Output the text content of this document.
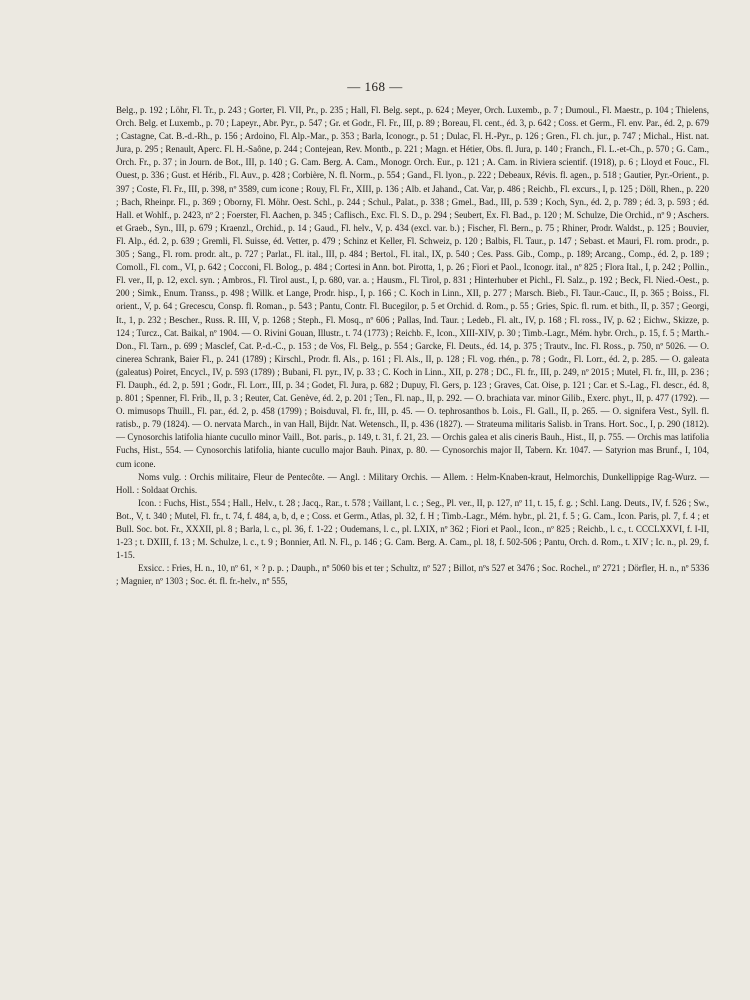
— 168 —

Belg., p. 192 ; Löhr, Fl. Tr., p. 243 ; Gorter, Fl. VII, Pr., p. 235 ; Hall, Fl. Belg. sept., p. 624 ; Meyer, Orch. Luxemb., p. 7 ; Dumoul., Fl. Maestr., p. 104 ; Thielens, Orch. Belg. et Luxemb., p. 70 ; Lapeyr., Abr. Pyr., p. 547 ; Gr. et Godr., Fl. Fr., III, p. 89 ; Boreau, Fl. cent., éd. 3, p. 642 ; Coss. et Germ., Fl. env. Par., éd. 2, p. 679 ; Castagne, Cat. B.-d.-Rh., p. 156 ; Ardoino, Fl. Alp.-Mar., p. 353 ; Barla, Iconogr., p. 51 ; Dulac, Fl. H.-Pyr., p. 126 ; Gren., Fl. ch. jur., p. 747 ; Michal., Hist. nat. Jura, p. 295 ; Renault, Aperc. Fl. H.-Saône, p. 244 ; Contejean, Rev. Montb., p. 221 ; Magn. et Hétier, Obs. fl. Jura, p. 140 ; Franch., Fl. L.-et-Ch., p. 570 ; G. Cam., Orch. Fr., p. 37 ; in Journ. de Bot., III, p. 140 ; G. Cam. Berg. A. Cam., Monogr. Orch. Eur., p. 121 ; A. Cam. in Riviera scientif. (1918), p. 6 ; Lloyd et Fouc., Fl. Ouest, p. 336 ; Gust. et Hérib., Fl. Auv., p. 428 ; Corbière, N. fl. Norm., p. 554 ; Gand., Fl. lyon., p. 222 ; Debeaux, Révis. fl. agen., p. 518 ; Gautier, Pyr.-Orient., p. 397 ; Coste, Fl. Fr., III, p. 398, nº 3589, cum icone ; Rouy, Fl. Fr., XIII, p. 136 ; Alb. et Jahand., Cat. Var, p. 486 ; Reichb., Fl. excurs., I, p. 125 ; Döll, Rhen., p. 220 ; Bach, Rheinpr. Fl., p. 369 ; Oborny, Fl. Möhr. Oest. Schl., p. 244 ; Schul., Palat., p. 338 ; Gmel., Bad., III, p. 539 ; Koch, Syn., éd. 2, p. 789 ; éd. 3, p. 593 ; éd. Hall. et Wohlf., p. 2423, nº 2 ; Foerster, Fl. Aachen, p. 345 ; Caflisch., Exc. Fl. S. D., p. 294 ; Seubert, Ex. Fl. Bad., p. 120 ; M. Schulze, Die Orchid., nº 9 ; Aschers. et Graeb., Syn., III, p. 679 ; Kraenzl., Orchid., p. 14 ; Gaud., Fl. helv., V, p. 434 (excl. var. b.) ; Fischer, Fl. Bern., p. 75 ; Rhiner, Prodr. Waldst., p. 125 ; Bouvier, Fl. Alp., éd. 2, p. 639 ; Gremli, Fl. Suisse, éd. Vetter, p. 479 ; Schinz et Keller, Fl. Schweiz, p. 120 ; Balbis, Fl. Taur., p. 147 ; Sebast. et Mauri, Fl. rom. prodr., p. 305 ; Sang., Fl. rom. prodr. alt., p. 727 ; Parlat., Fl. ital., III, p. 484 ; Bertol., Fl. ital., IX, p. 540 ; Ces. Pass. Gib., Comp., p. 189; Arcang., Comp., éd. 2, p. 189 ; Comoll., Fl. com., VI, p. 642 ; Cocconi, Fl. Bolog., p. 484 ; Cortesi in Ann. bot. Pirotta, 1, p. 26 ; Fiori et Paol., Iconogr. ital., nº 825 ; Flora Ital., I, p. 242 ; Pollin., Fl. ver., II, p. 12, excl. syn. ; Ambros., Fl. Tirol aust., I, p. 680, var. a. ; Hausm., Fl. Tirol, p. 831 ; Hinterhuber et Pichl., Fl. Salz., p. 192 ; Beck, Fl. Nied.-Oest., p. 200 ; Simk., Enum. Transs., p. 498 ; Willk. et Lange, Prodr. hisp., I, p. 166 ; C. Koch in Linn., XII, p. 277 ; Marsch. Bieb., Fl. Taur.-Cauc., II, p. 365 ; Boiss., Fl. orient., V, p. 64 ; Grecescu, Consp. fl. Roman., p. 543 ; Pantu, Contr. Fl. Bucegilor, p. 5 et Orchid. d. Rom., p. 55 ; Gries, Spic. fl. rum. et bith., II, p. 357 ; Georgi, It., 1, p. 232 ; Bescher., Russ. R. III, V, p. 1268 ; Steph., Fl. Mosq., nº 606 ; Pallas, Ind. Taur. ; Ledeb., Fl. alt., IV, p. 168 ; Fl. ross., IV, p. 62 ; Eichw., Skizze, p. 124 ; Turcz., Cat. Baikal, nº 1904. — O. Rivini Gouan, Illustr., t. 74 (1773) ; Reichb. F., Icon., XIII-XIV, p. 30 ; Timb.-Lagr., Mém. hybr. Orch., p. 15, f. 5 ; Marth.-Don., Fl. Tarn., p. 699 ; Masclef, Cat. P.-d.-C., p. 153 ; de Vos, Fl. Belg., p. 554 ; Garcke, Fl. Deuts., éd. 14, p. 375 ; Trautv., Inc. Fl. Ross., p. 750, nº 5026. — O. cinerea Schrank, Baier Fl., p. 241 (1789) ; Kirschl., Prodr. fl. Als., p. 161 ; Fl. Als., II, p. 128 ; Fl. vog. rhén., p. 78 ; Godr., Fl. Lorr., éd. 2, p. 285. — O. galeata (galeatus) Poiret, Encycl., IV, p. 593 (1789) ; Bubani, Fl. pyr., IV, p. 33 ; C. Koch in Linn., XII, p. 278 ; DC., Fl. fr., III, p. 249, nº 2015 ; Mutel, Fl. fr., III, p. 236 ; Fl. Dauph., éd. 2, p. 591 ; Godr., Fl. Lorr., III, p. 34 ; Godet, Fl. Jura, p. 682 ; Dupuy, Fl. Gers, p. 123 ; Graves, Cat. Oise, p. 121 ; Car. et S.-Lag., Fl. descr., éd. 8, p. 801 ; Spenner, Fl. Frib., II, p. 3 ; Reuter, Cat. Genève, éd. 2, p. 201 ; Ten., Fl. nap., II, p. 292. — O. brachiata var. minor Gilib., Exerc. phyt., II, p. 477 (1792). — O. mimusops Thuill., Fl. par., éd. 2, p. 458 (1799) ; Boisduval, Fl. fr., III, p. 45. — O. tephrosanthos b. Lois., Fl. Gall., II, p. 265. — O. signifera Vest., Syll. fl. ratisb., p. 79 (1824). — O. nervata March., in van Hall, Bijdr. Nat. Wetensch., II, p. 436 (1827). — Strateuma militaris Salisb. in Trans. Hort. Soc., I, p. 290 (1812). — Cynosorchis latifolia hiante cucullo minor Vaill., Bot. paris., p. 149, t. 31, f. 21, 23. — Orchis galea et alis cineris Bauh., Hist., II, p. 755. — Orchis mas latifolia Fuchs, Hist., 554. — Cynosorchis latifolia, hiante cucullo major Bauh. Pinax, p. 80. — Cynosorchis major II, Tabern. Kr. 1047. — Satyrion mas Brunf., I, 104, cum icone.

Noms vulg. : Orchis militaire, Fleur de Pentecôte. — Angl. : Military Orchis. — Allem. : Helm-Knaben-kraut, Helmorchis, Dunkellippige Rag-Wurz. — Holl. : Soldaat Orchis.

Icon. : Fuchs, Hist., 554 ; Hall., Helv., t. 28 ; Jacq., Rar., t. 578 ; Vaillant, l. c. ; Seg., Pl. ver., II, p. 127, nº 11, t. 15, f. g. ; Schl. Lang. Deuts., IV, f. 526 ; Sw., Bot., V, t. 340 ; Mutel, Fl. fr., t. 74, f. 484, a, b, d, e ; Coss. et Germ., Atlas, pl. 32, f. H ; Timb.-Lagr., Mém. hybr., pl. 21, f. 5 ; G. Cam., Icon. Paris, pl. 7, f. 4 ; et Bull. Soc. bot. Fr., XXXII, pl. 8 ; Barla, l. c., pl. 36, f. 1-22 ; Oudemans, l. c., pl. LXIX, nº 362 ; Fiori et Paol., Icon., nº 825 ; Reichb., l. c., t. CCCLXXVI, f. I-II, 1-23 ; t. DXIII, f. 13 ; M. Schulze, l. c., t. 9 ; Bonnier, Atl. N. Fl., p. 146 ; G. Cam. Berg. A. Cam., pl. 18, f. 502-506 ; Pantu, Orch. d. Rom., t. XIV ; Ic. n., pl. 29, f. 1-15.

Exsicc. : Fries, H. n., 10, nº 61, × ? p. p. ; Dauph., nº 5060 bis et ter ; Schultz, nº 527 ; Billot, nºs 527 et 3476 ; Soc. Rochel., nº 2721 ; Dörfler, H. n., nº 5336 ; Magnier, nº 1303 ; Soc. ét. fl. fr.-helv., nº 555,
